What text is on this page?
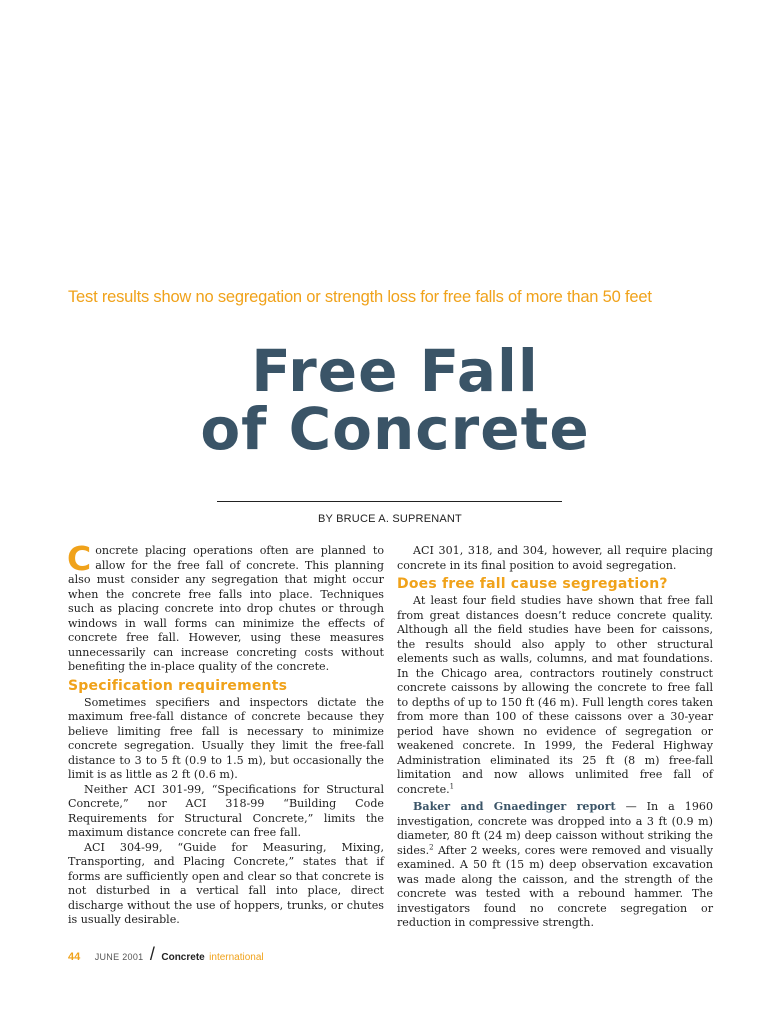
Test results show no segregation or strength loss for free falls of more than 50 feet
Free Fall
of Concrete
BY BRUCE A. SUPRENANT

Concrete placing operations often are planned to allow for the free fall of concrete. This planning also must consider any segregation that might occur when the concrete free falls into place. Techniques such as placing concrete into drop chutes or through windows in wall forms can minimize the effects of concrete free fall. However, using these measures unnecessarily can increase concreting costs without benefiting the in-place quality of the concrete.

Specification requirements

Sometimes specifiers and inspectors dictate the maximum free-fall distance of concrete because they believe limiting free fall is necessary to minimize concrete segregation. Usually they limit the free-fall distance to 3 to 5 ft (0.9 to 1.5 m), but occasionally the limit is as little as 2 ft (0.6 m).

Neither ACI 301-99, “Specifications for Structural Concrete,” nor ACI 318-99 “Building Code Requirements for Structural Concrete,” limits the maximum distance concrete can free fall.

ACI 304-99, “Guide for Measuring, Mixing, Transporting, and Placing Concrete,” states that if forms are sufficiently open and clear so that concrete is not disturbed in a vertical fall into place, direct discharge without the use of hoppers, trunks, or chutes is usually desirable.

ACI 301, 318, and 304, however, all require placing concrete in its final position to avoid segregation.

Does free fall cause segregation?

At least four field studies have shown that free fall from great distances doesn’t reduce concrete quality. Although all the field studies have been for caissons, the results should also apply to other structural elements such as walls, columns, and mat foundations. In the Chicago area, contractors routinely construct concrete caissons by allowing the concrete to free fall to depths of up to 150 ft (46 m). Full length cores taken from more than 100 of these caissons over a 30-year period have shown no evidence of segregation or weakened concrete. In 1999, the Federal Highway Administration eliminated its 25 ft (8 m) free-fall limitation and now allows unlimited free fall of concrete.$^1$

Baker and Gnaedinger report — In a 1960 investigation, concrete was dropped into a 3 ft (0.9 m) diameter, 80 ft (24 m) deep caisson without striking the sides.$^2$ After 2 weeks, cores were removed and visually examined. A 50 ft (15 m) deep observation excavation was made along the caisson, and the strength of the concrete was tested with a rebound hammer. The investigators found no concrete segregation or reduction in compressive strength.

44 JUNE 2001 / Concrete international
